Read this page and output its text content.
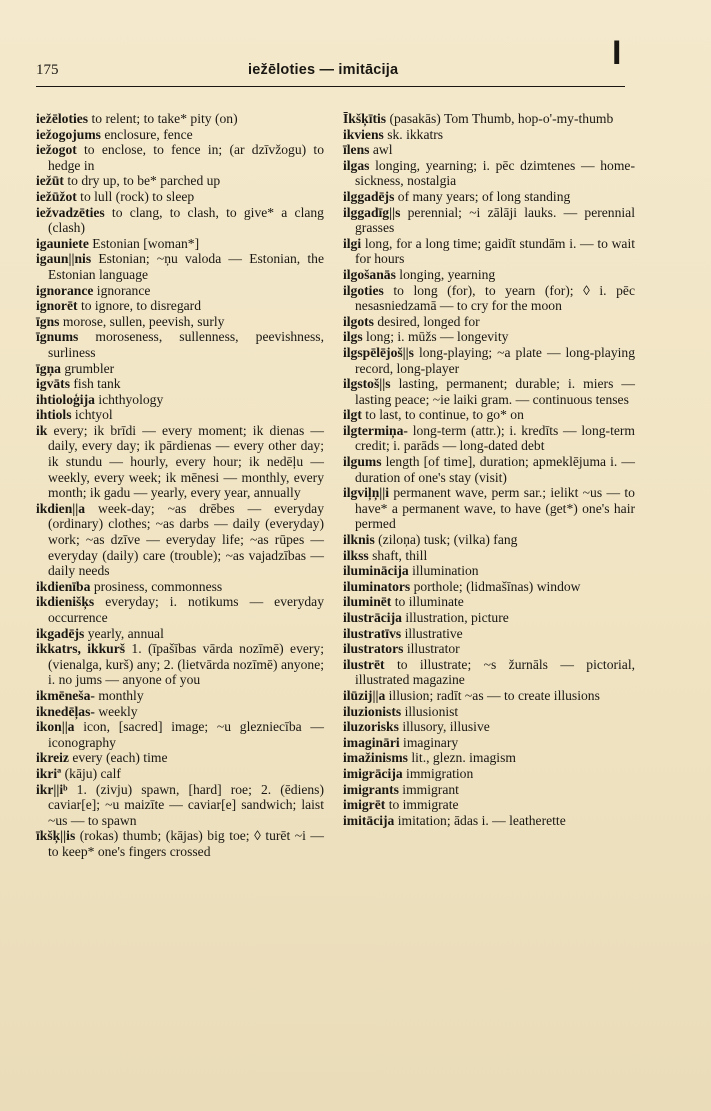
175	iežēloties — imitācija	I

iežēloties to relent; to take* pity (on)

iežogojums enclosure, fence

iežogot to enclose, to fence in; (ar dzīvžogu) to hedge in

iežūt to dry up, to be* parched up

iežūžot to lull (rock) to sleep

iežvadzēties to clang, to clash, to give* a clang (clash)

igauniete Estonian [woman*]

igaun||nis Estonian; ~ņu valoda — Estonian, the Estonian language

ignorance ignorance

ignorēt to ignore, to disregard

īgns morose, sullen, peevish, surly

īgnums moroseness, sullenness, peevishness, surliness

īgņa grumbler

igvāts fish tank

ihtioloģija ichthyology

ihtiols ichtyol

ik every; ik brīdi — every moment; ik dienas — daily, every day; ik pārdienas — every other day; ik stundu — hourly, every hour; ik nedēļu — weekly, every week; ik mēnesi — monthly, every month; ik gadu — yearly, every year, annually

ikdien||a week-day; ~as drēbes — everyday (ordinary) clothes; ~as darbs — daily (everyday) work; ~as dzīve — everyday life; ~as rūpes — everyday (daily) care (trouble); ~as vajadzības — daily needs

ikdienība prosiness, commonness

ikdienišķs everyday; i. notikums — everyday occurrence

ikgadējs yearly, annual

ikkatrs, ikkurš 1. (īpašības vārda nozīmē) every; (vienalga, kurš) any; 2. (lietvārda nozīmē) anyone; i. no jums — anyone of you

ikmēneša- monthly

iknedēļas- weekly

ikon||a icon, [sacred] image; ~u glezniecība — iconography

ikreiz every (each) time

ikriª (kāju) calf

ikr||iᵇ 1. (zivju) spawn, [hard] roe; 2. (ēdiens) caviar[e]; ~u maizīte — caviar[e] sandwich; laist ~us — to spawn

īkšķ||is (rokas) thumb; (kājas) big toe; ◊ turēt ~i — to keep* one's fingers crossed

Īkšķītis (pasakās) Tom Thumb, hop-o'-my-thumb

ikviens sk. ikkatrs

īlens awl

ilgas longing, yearning; i. pēc dzimtenes — home-sickness, nostalgia

ilggadējs of many years; of long standing

ilggadīg||s perennial; ~i zālāji lauks. — perennial grasses

ilgi long, for a long time; gaidīt stundām i. — to wait for hours

ilgošanās longing, yearning

ilgoties to long (for), to yearn (for); ◊ i. pēc nesasniedzamā — to cry for the moon

ilgots desired, longed for

ilgs long; i. mūžs — longevity

ilgspēlējoš||s long-playing; ~a plate — long-playing record, long-player

ilgstoš||s lasting, permanent; durable; i. miers — lasting peace; ~ie laiki gram. — continuous tenses

ilgt to last, to continue, to go* on

ilgtermiņa- long-term (attr.); i. kredīts — long-term credit; i. parāds — long-dated debt

ilgums length [of time], duration; apmeklējuma i. — duration of one's stay (visit)

ilgviļņ||i permanent wave, perm sar.; ielikt ~us — to have* a permanent wave, to have (get*) one's hair permed

ilknis (ziloņa) tusk; (vilka) fang

ilkss shaft, thill

iluminācija illumination

iluminators porthole; (lidmašīnas) window

iluminēt to illuminate

ilustrācija illustration, picture

ilustratīvs illustrative

ilustrators illustrator

ilustrēt to illustrate; ~s žurnāls — pictorial, illustrated magazine

ilūzij||a illusion; radīt ~as — to create illusions

iluzionists illusionist

iluzorisks illusory, illusive

imagināri imaginary

imažinisms lit., glezn. imagism

imigrācija immigration

imigrants immigrant

imigrēt to immigrate

imitācija imitation; ādas i. — leatherette
